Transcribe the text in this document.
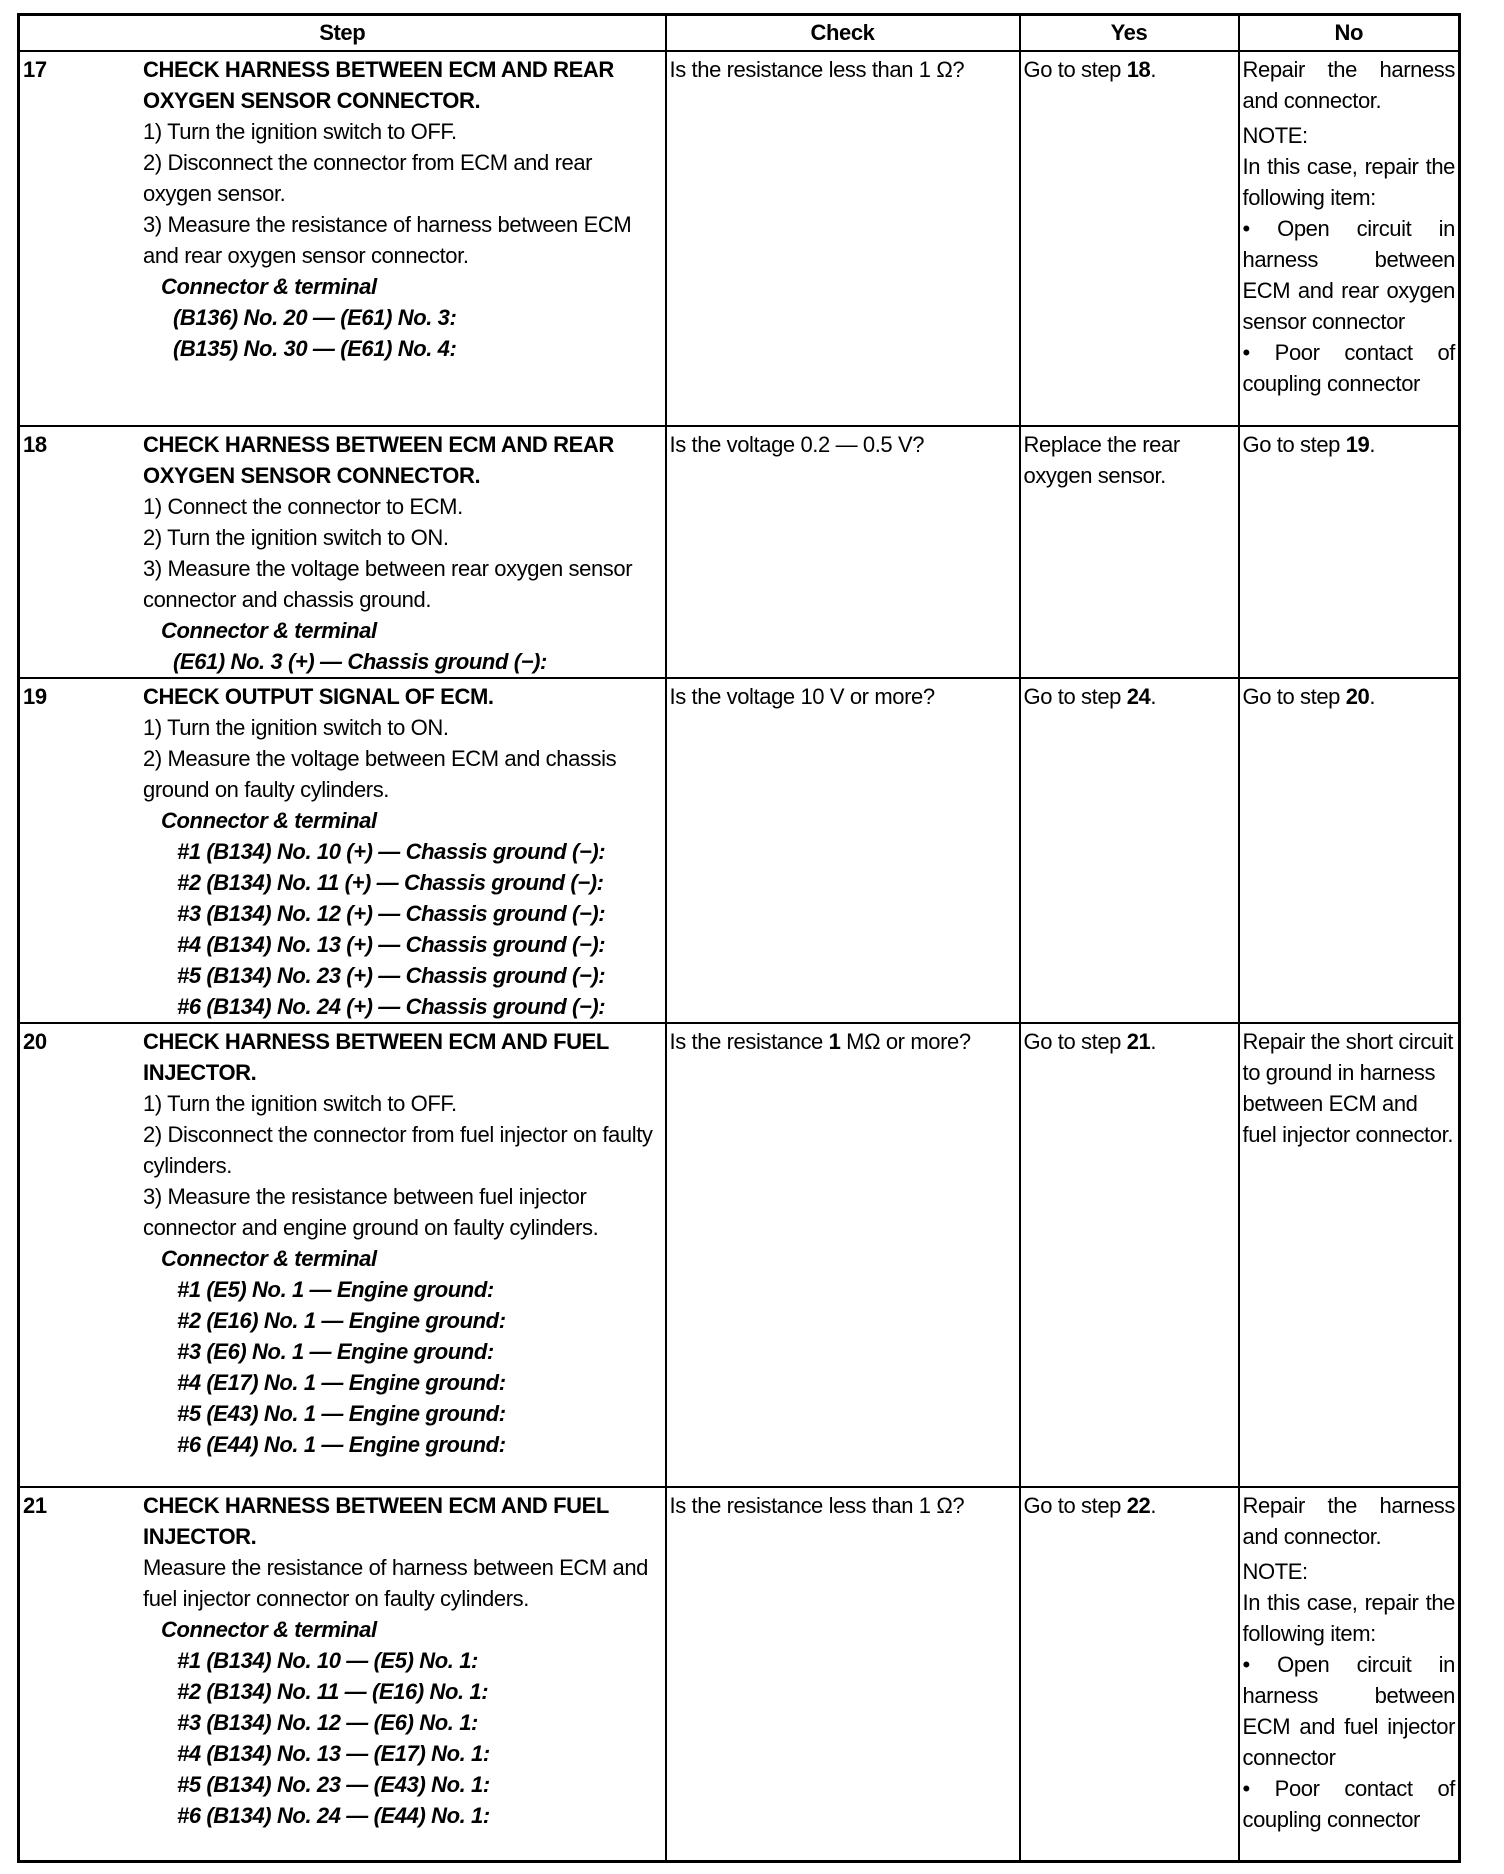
Step	Check	Yes	No

17	CHECK HARNESS BETWEEN ECM AND REAR OXYGEN SENSOR CONNECTOR.
1) Turn the ignition switch to OFF.
2) Disconnect the connector from ECM and rear oxygen sensor.
3) Measure the resistance of harness between ECM and rear oxygen sensor connector.
Connector & terminal
(B136) No. 20 — (E61) No. 3:
(B135) No. 30 — (E61) No. 4:
	Is the resistance less than 1 Ω?	Go to step 18.	Repair the harness and connector.
NOTE:
In this case, repair the following item:
• Open circuit in harness between ECM and rear oxygen sensor connector
• Poor contact of coupling connector

18	CHECK HARNESS BETWEEN ECM AND REAR OXYGEN SENSOR CONNECTOR.
1) Connect the connector to ECM.
2) Turn the ignition switch to ON.
3) Measure the voltage between rear oxygen sensor connector and chassis ground.
Connector & terminal
(E61) No. 3 (+) — Chassis ground (−):
	Is the voltage 0.2 — 0.5 V?	Replace the rear oxygen sensor.	Go to step 19.

19	CHECK OUTPUT SIGNAL OF ECM.
1) Turn the ignition switch to ON.
2) Measure the voltage between ECM and chassis ground on faulty cylinders.
Connector & terminal
#1 (B134) No. 10 (+) — Chassis ground (−):
#2 (B134) No. 11 (+) — Chassis ground (−):
#3 (B134) No. 12 (+) — Chassis ground (−):
#4 (B134) No. 13 (+) — Chassis ground (−):
#5 (B134) No. 23 (+) — Chassis ground (−):
#6 (B134) No. 24 (+) — Chassis ground (−):
	Is the voltage 10 V or more?	Go to step 24.	Go to step 20.

20	CHECK HARNESS BETWEEN ECM AND FUEL INJECTOR.
1) Turn the ignition switch to OFF.
2) Disconnect the connector from fuel injector on faulty cylinders.
3) Measure the resistance between fuel injector connector and engine ground on faulty cylinders.
Connector & terminal
#1 (E5) No. 1 — Engine ground:
#2 (E16) No. 1 — Engine ground:
#3 (E6) No. 1 — Engine ground:
#4 (E17) No. 1 — Engine ground:
#5 (E43) No. 1 — Engine ground:
#6 (E44) No. 1 — Engine ground:
	Is the resistance 1 MΩ or more?	Go to step 21.	Repair the short circuit to ground in harness between ECM and fuel injector connector.

21	CHECK HARNESS BETWEEN ECM AND FUEL INJECTOR.
Measure the resistance of harness between ECM and fuel injector connector on faulty cylinders.
Connector & terminal
#1 (B134) No. 10 — (E5) No. 1:
#2 (B134) No. 11 — (E16) No. 1:
#3 (B134) No. 12 — (E6) No. 1:
#4 (B134) No. 13 — (E17) No. 1:
#5 (B134) No. 23 — (E43) No. 1:
#6 (B134) No. 24 — (E44) No. 1:
	Is the resistance less than 1 Ω?	Go to step 22.	Repair the harness and connector.
NOTE:
In this case, repair the following item:
• Open circuit in harness between ECM and fuel injector connector
• Poor contact of coupling connector
